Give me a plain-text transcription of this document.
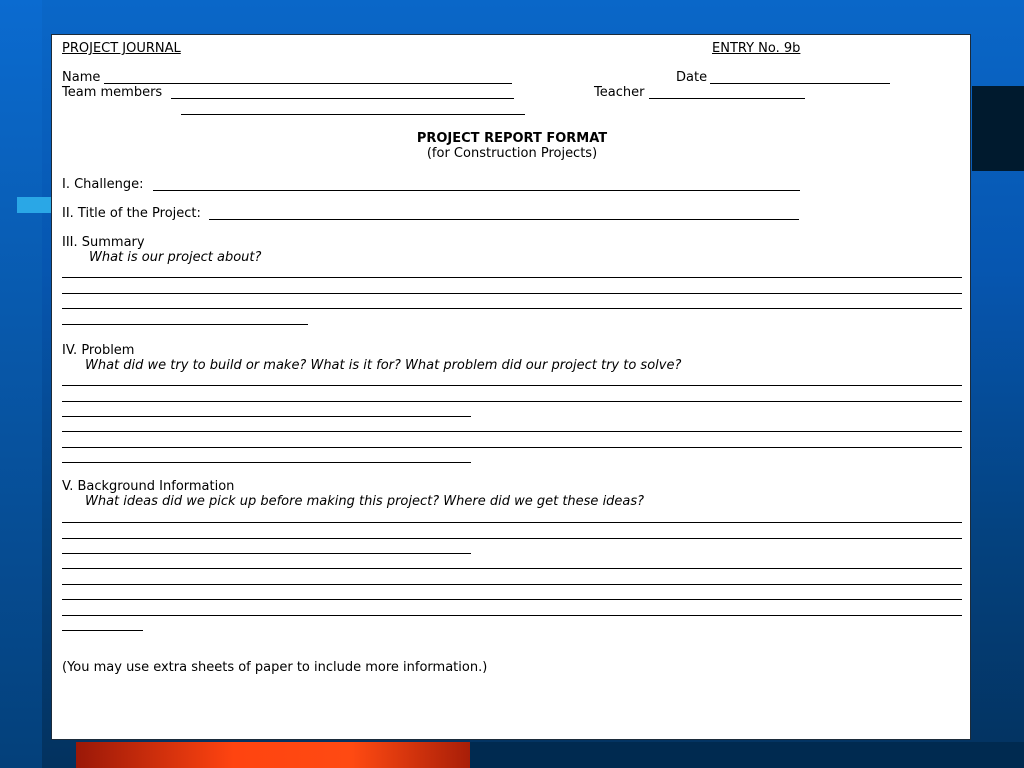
PROJECT JOURNAL	ENTRY No. 9b
Name	Date
Team members	Teacher
PROJECT REPORT FORMAT
(for Construction Projects)
I. Challenge:
II. Title of the Project:
III. Summary
What is our project about?
IV. Problem
What did we try to build or make? What is it for? What problem did our project try to solve?
V. Background Information
What ideas did we pick up before making this project? Where did we get these ideas?
(You may use extra sheets of paper to include more information.)
